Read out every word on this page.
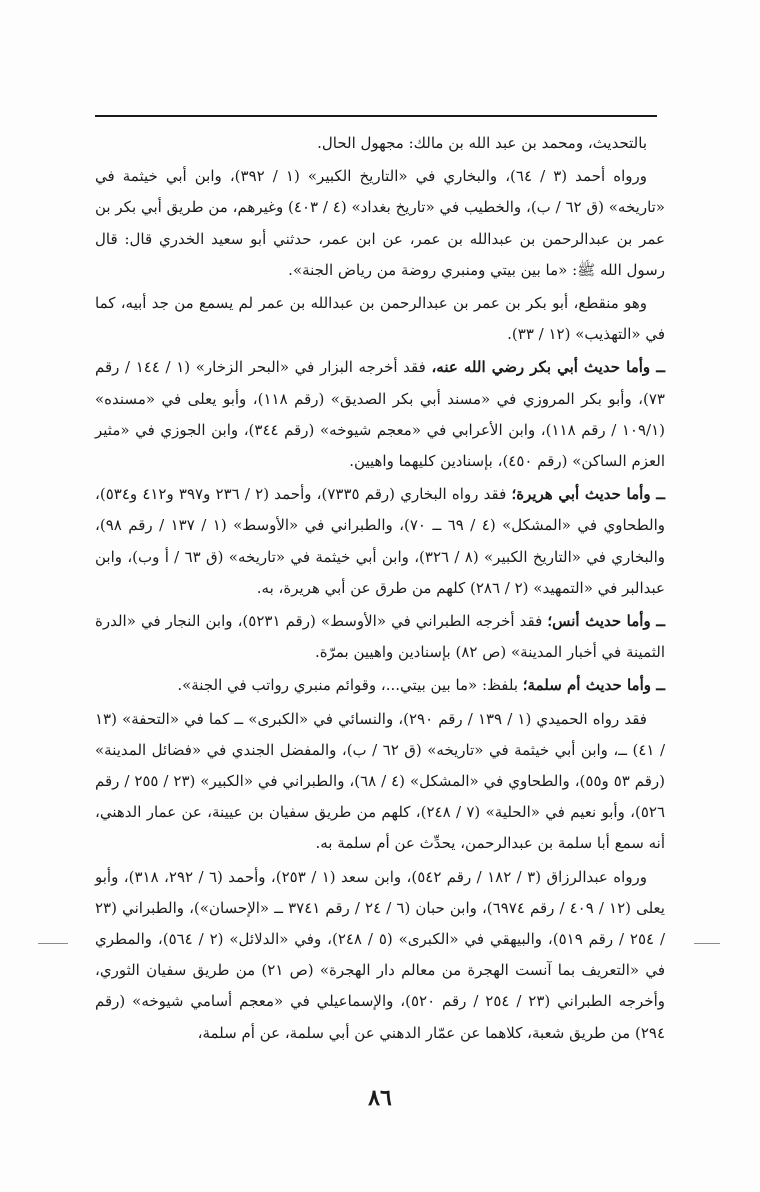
بالتحديث، ومحمد بن عبد الله بن مالك: مجهول الحال.

ورواه أحمد (٣ / ٦٤)، والبخاري في «التاريخ الكبير» (١ / ٣٩٢)، وابن أبي خيثمة في «تاريخه» (ق ٦٢ / ب)، والخطيب في «تاريخ بغداد» (٤ / ٤٠٣) وغيرهم، من طريق أبي بكر بن عمر بن عبدالرحمن بن عبدالله بن عمر، عن ابن عمر، حدثني أبو سعيد الخدري قال: قال رسول الله ﷺ: «ما بين بيتي ومنبري روضة من رياض الجنة».

وهو منقطع، أبو بكر بن عمر بن عبدالرحمن بن عبدالله بن عمر لم يسمع من جد أبيه، كما في «التهذيب» (١٢ / ٣٣).

ــ وأما حديث أبي بكر رضي الله عنه، فقد أخرجه البزار في «البحر الزخار» (١ / ١٤٤ / رقم ٧٣)، وأبو بكر المروزي في «مسند أبي بكر الصديق» (رقم ١١٨)، وأبو يعلى في «مسنده» (١٠٩/١ / رقم ١١٨)، وابن الأعرابي في «معجم شيوخه» (رقم ٣٤٤)، وابن الجوزي في «مثير العزم الساكن» (رقم ٤٥٠)، بإسنادين كليهما واهيين.

ــ وأما حديث أبي هريرة؛ فقد رواه البخاري (رقم ٧٣٣٥)، وأحمد (٢ / ٢٣٦ و٣٩٧ و٤١٢ و٥٣٤)، والطحاوي في «المشكل» (٤ / ٦٩ ــ ٧٠)، والطبراني في «الأوسط» (١ / ١٣٧ / رقم ٩٨)، والبخاري في «التاريخ الكبير» (٨ / ٣٢٦)، وابن أبي خيثمة في «تاريخه» (ق ٦٣ / أ وب)، وابن عبدالبر في «التمهيد» (٢ / ٢٨٦) كلهم من طرق عن أبي هريرة، به.

ــ وأما حديث أنس؛ فقد أخرجه الطبراني في «الأوسط» (رقم ٥٢٣١)، وابن النجار في «الدرة الثمينة في أخبار المدينة» (ص ٨٢) بإسنادين واهيين بمرّة.

ــ وأما حديث أم سلمة؛ بلفظ: «ما بين بيتي...، وقوائم منبري رواتب في الجنة».

فقد رواه الحميدي (١ / ١٣٩ / رقم ٢٩٠)، والنسائي في «الكبرى» ــ كما في «التحفة» (١٣ / ٤١) ــ، وابن أبي خيثمة في «تاريخه» (ق ٦٢ / ب)، والمفضل الجندي في «فضائل المدينة» (رقم ٥٣ و٥٥)، والطحاوي في «المشكل» (٤ / ٦٨)، والطبراني في «الكبير» (٢٣ / ٢٥٥ / رقم ٥٢٦)، وأبو نعيم في «الحلية» (٧ / ٢٤٨)، كلهم من طريق سفيان بن عيينة، عن عمار الدهني، أنه سمع أبا سلمة بن عبدالرحمن، يحدِّث عن أم سلمة به.

ورواه عبدالرزاق (٣ / ١٨٢ / رقم ٥٤٢)، وابن سعد (١ / ٢٥٣)، وأحمد (٦ / ٢٩٢، ٣١٨)، وأبو يعلى (١٢ / ٤٠٩ / رقم ٦٩٧٤)، وابن حبان (٦ / ٢٤ / رقم ٣٧٤١ ــ «الإحسان»)، والطبراني (٢٣ / ٢٥٤ / رقم ٥١٩)، والبيهقي في «الكبرى» (٥ / ٢٤٨)، وفي «الدلائل» (٢ / ٥٦٤)، والمطري في «التعريف بما آنست الهجرة من معالم دار الهجرة» (ص ٢١) من طريق سفيان الثوري، وأخرجه الطبراني (٢٣ / ٢٥٤ / رقم ٥٢٠)، والإسماعيلي في «معجم أسامي شيوخه» (رقم ٢٩٤) من طريق شعبة، كلاهما عن عمّار الدهني عن أبي سلمة، عن أم سلمة،

٨٦
